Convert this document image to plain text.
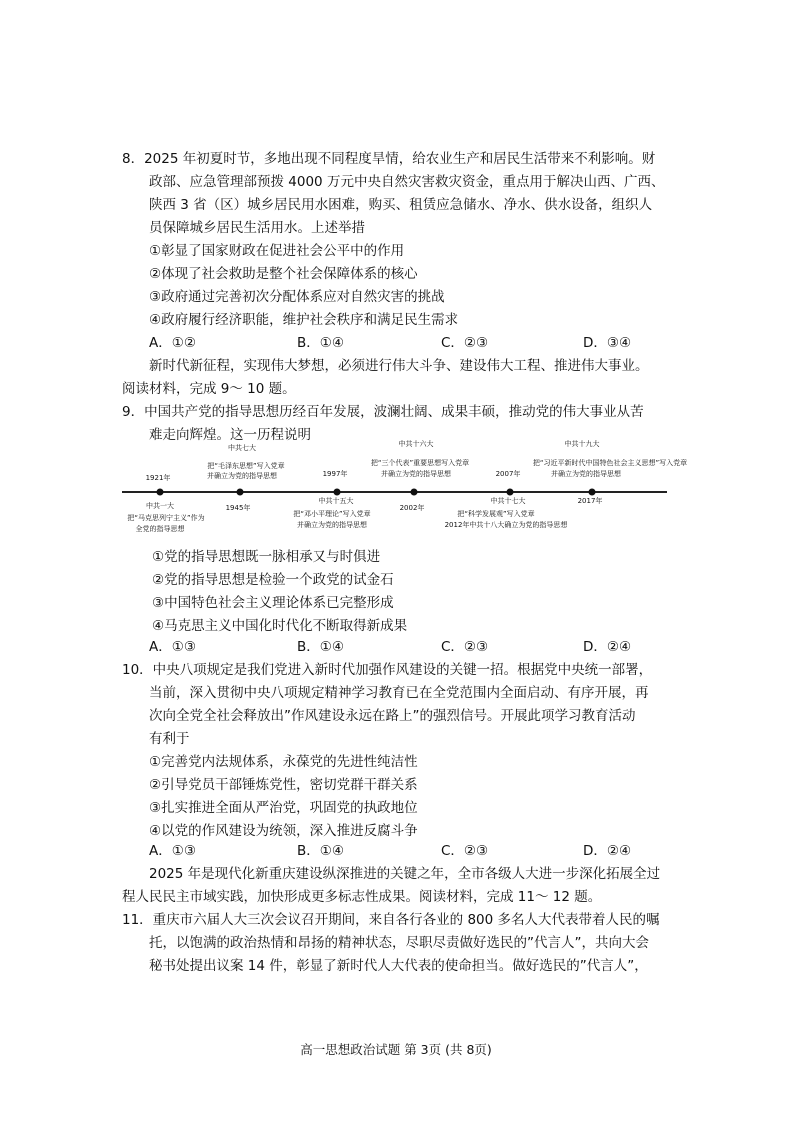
8．2025 年初夏时节，多地出现不同程度旱情，给农业生产和居民生活带来不利影响。财
政部、应急管理部预拨 4000 万元中央自然灾害救灾资金，重点用于解决山西、广西、
陕西 3 省（区）城乡居民用水困难，购买、租赁应急储水、净水、供水设备，组织人
员保障城乡居民生活用水。上述举措
①彰显了国家财政在促进社会公平中的作用
②体现了社会救助是整个社会保障体系的核心
③政府通过完善初次分配体系应对自然灾害的挑战
④政府履行经济职能，维护社会秩序和满足民生需求
A．①②	B．①④	C．②③	D．③④
新时代新征程，实现伟大梦想，必须进行伟大斗争、建设伟大工程、推进伟大事业。
阅读材料，完成 9～ 10 题。
9．中国共产党的指导思想历经百年发展，波澜壮阔、成果丰硕，推动党的伟大事业从苦
难走向辉煌。这一历程说明
中共七大
把“毛泽东思想”写入党章
并确立为党的指导思想
中共十六大
把“三个代表”重要思想写入党章
并确立为党的指导思想
中共十九大
把“习近平新时代中国特色社会主义思想”写入党章
并确立为党的指导思想
1921年	1997年	2007年
1945年	2002年
2017年
中共一大
把“马克思列宁主义”作为
全党的指导思想
中共十五大
把“邓小平理论”写入党章
并确立为党的指导思想
中共十七大
把“科学发展观”写入党章
2012年中共十八大确立为党的指导思想
①党的指导思想既一脉相承又与时俱进
②党的指导思想是检验一个政党的试金石
③中国特色社会主义理论体系已完整形成
④马克思主义中国化时代化不断取得新成果
A．①③	B．①④	C．②③	D．②④
10．中央八项规定是我们党进入新时代加强作风建设的关键一招。根据党中央统一部署，
当前，深入贯彻中央八项规定精神学习教育已在全党范围内全面启动、有序开展，再
次向全党全社会释放出”作风建设永远在路上”的强烈信号。开展此项学习教育活动
有利于
①完善党内法规体系，永葆党的先进性纯洁性
②引导党员干部锤炼党性，密切党群干群关系
③扎实推进全面从严治党，巩固党的执政地位
④以党的作风建设为统领，深入推进反腐斗争
A．①③	B．①④	C．②③	D．②④
2025 年是现代化新重庆建设纵深推进的关键之年，全市各级人大进一步深化拓展全过
程人民民主市域实践，加快形成更多标志性成果。阅读材料，完成 11～ 12 题。
11．重庆市六届人大三次会议召开期间，来自各行各业的 800 多名人大代表带着人民的嘱
托，以饱满的政治热情和昂扬的精神状态，尽职尽责做好选民的”代言人”，共向大会
秘书处提出议案 14 件，彰显了新时代人大代表的使命担当。做好选民的”代言人”，
高一思想政治试题 第 3页 (共 8页)
